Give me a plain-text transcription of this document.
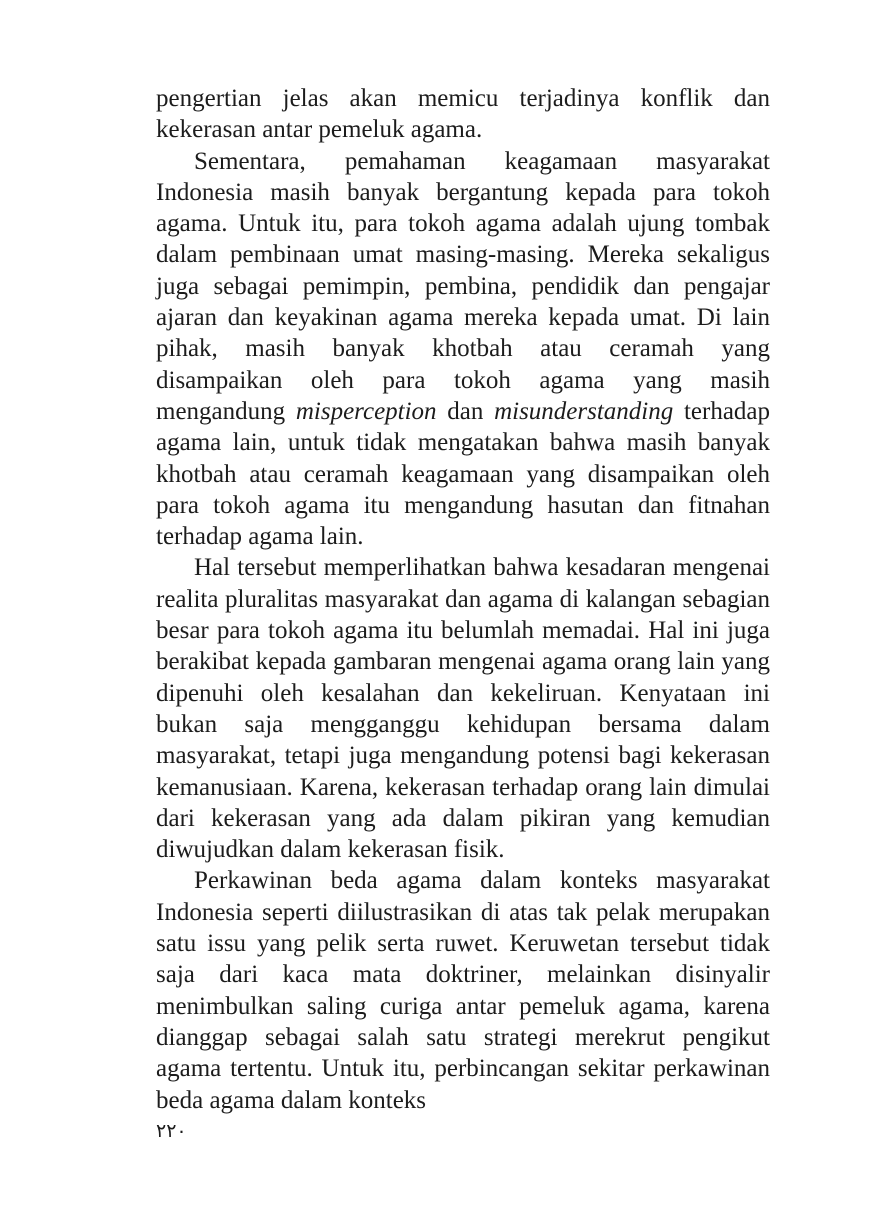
pengertian jelas akan memicu terjadinya konflik dan kekerasan antar pemeluk agama.

Sementara, pemahaman keagamaan masyarakat Indonesia masih banyak bergantung kepada para tokoh agama. Untuk itu, para tokoh agama adalah ujung tombak dalam pembinaan umat masing-masing. Mereka sekaligus juga sebagai pemimpin, pembina, pendidik dan pengajar ajaran dan keyakinan agama mereka kepada umat. Di lain pihak, masih banyak khotbah atau ceramah yang disampaikan oleh para tokoh agama yang masih mengandung misperception dan misunderstanding terhadap agama lain, untuk tidak mengatakan bahwa masih banyak khotbah atau ceramah keagamaan yang disampaikan oleh para tokoh agama itu mengandung hasutan dan fitnahan terhadap agama lain.

Hal tersebut memperlihatkan bahwa kesadaran mengenai realita pluralitas masyarakat dan agama di kalangan sebagian besar para tokoh agama itu belumlah memadai. Hal ini juga berakibat kepada gambaran mengenai agama orang lain yang dipenuhi oleh kesalahan dan kekeliruan. Kenyataan ini bukan saja mengganggu kehidupan bersama dalam masyarakat, tetapi juga mengandung potensi bagi kekerasan kemanusiaan. Karena, kekerasan terhadap orang lain dimulai dari kekerasan yang ada dalam pikiran yang kemudian diwujudkan dalam kekerasan fisik.

Perkawinan beda agama dalam konteks masyarakat Indonesia seperti diilustrasikan di atas tak pelak merupakan satu issu yang pelik serta ruwet. Keruwetan tersebut tidak saja dari kaca mata doktriner, melainkan disinyalir menimbulkan saling curiga antar pemeluk agama, karena dianggap sebagai salah satu strategi merekrut pengikut agama tertentu. Untuk itu, perbincangan sekitar perkawinan beda agama dalam konteks

٢٢٠
